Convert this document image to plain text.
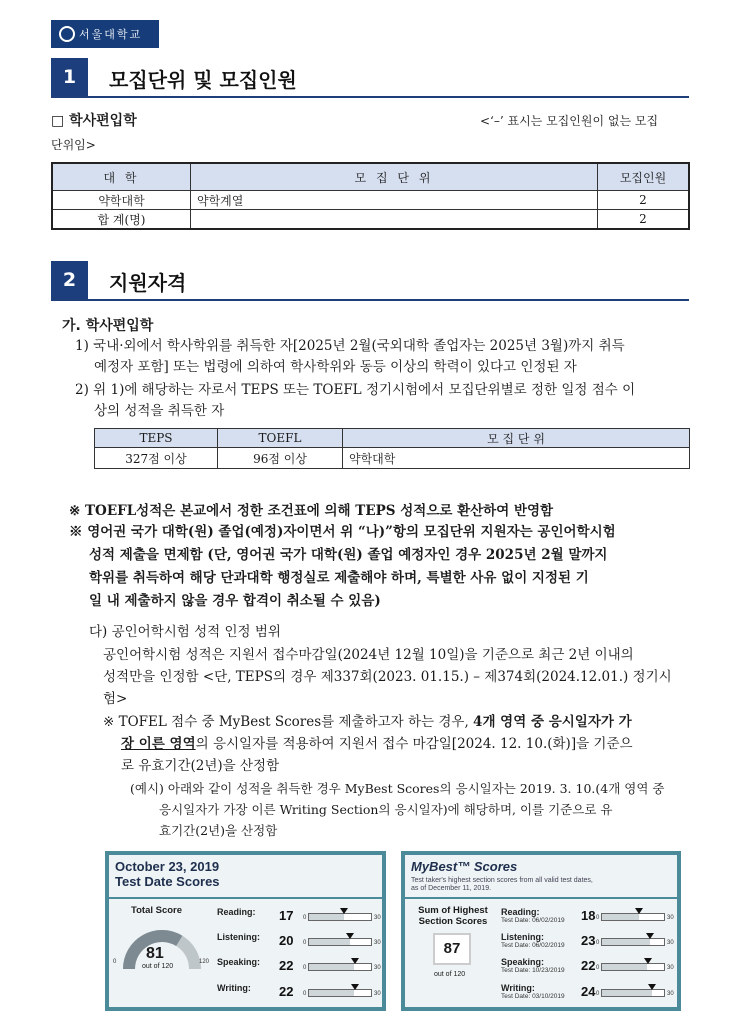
서울대학교
1	모집단위 및 모집인원
□ 학사편입학	<‘–’ 표시는 모집인원이 없는 모집
단위임>
대 학	모 집 단 위	모집인원
약학대학	약학계열	2
합 계(명)		2
2	지원자격
가. 학사편입학
1) 국내·외에서 학사학위를 취득한 자[2025년 2월(국외대학 졸업자는 2025년 3월)까지 취득
예정자 포함] 또는 법령에 의하여 학사학위와 동등 이상의 학력이 있다고 인정된 자
2) 위 1)에 해당하는 자로서 TEPS 또는 TOEFL 정기시험에서 모집단위별로 정한 일정 점수 이
상의 성적을 취득한 자
TEPS	TOEFL	모 집 단 위
327점 이상	96점 이상	약학대학
※ TOEFL성적은 본교에서 정한 조건표에 의해 TEPS 성적으로 환산하여 반영함
※ 영어권 국가 대학(원) 졸업(예정)자이면서 위 “나)”항의 모집단위 지원자는 공인어학시험
성적 제출을 면제함 (단, 영어권 국가 대학(원) 졸업 예정자인 경우 2025년 2월 말까지
학위를 취득하여 해당 단과대학 행정실로 제출해야 하며, 특별한 사유 없이 지정된 기
일 내 제출하지 않을 경우 합격이 취소될 수 있음)
다) 공인어학시험 성적 인정 범위
공인어학시험 성적은 지원서 접수마감일(2024년 12월 10일)을 기준으로 최근 2년 이내의
성적만을 인정함 <단, TEPS의 경우 제337회(2023. 01.15.) – 제374회(2024.12.01.) 정기시
험>
※ TOFEL 점수 중 MyBest Scores를 제출하고자 하는 경우, 4개 영역 중 응시일자가 가
장 이른 영역의 응시일자를 적용하여 지원서 접수 마감일[2024. 12. 10.(화)]을 기준으
로 유효기간(2년)을 산정함
(예시) 아래와 같이 성적을 취득한 경우 MyBest Scores의 응시일자는 2019. 3. 10.(4개 영역 중
응시일자가 가장 이른 Writing Section의 응시일자)에 해당하며, 이를 기준으로 유
효기간(2년)을 산정함
October 23, 2019
Test Date Scores
Total Score
81
out of 120
0	120
Reading: 17 0	30
Listening: 20 0	30
Speaking: 22 0	30
Writing: 22 0	30
MyBest™ Scores
Test taker's highest section scores from all valid test dates,
as of December 11, 2019.
Sum of Highest
Section Scores
87
out of 120
Reading:
Test Date: 06/02/2019 18 0	30
Listening:
Test Date: 06/02/2019 23 0	30
Speaking:
Test Date: 10/23/2019 22 0	30
Writing:
Test Date: 03/10/2019 24 0	30
